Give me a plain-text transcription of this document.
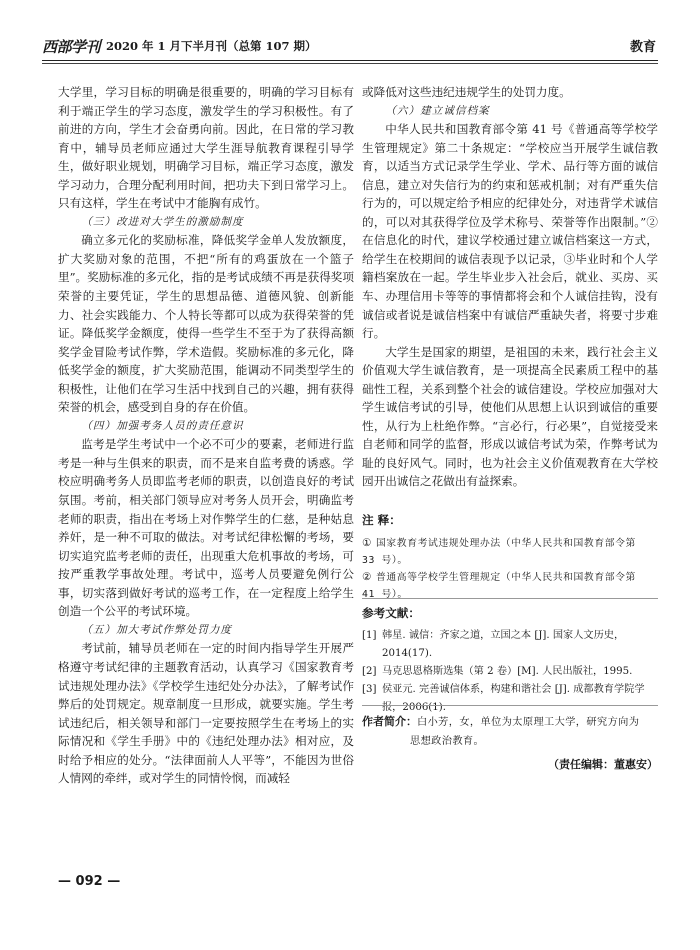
西部学刊 2020 年 1 月下半月刊（总第 107 期）	教育

大学里，学习目标的明确是很重要的，明确的学习目标有利于端正学生的学习态度，激发学生的学习积极性。有了前进的方向，学生才会奋勇向前。因此，在日常的学习教育中，辅导员老师应通过大学生涯导航教育课程引导学生，做好职业规划，明确学习目标，端正学习态度，激发学习动力，合理分配利用时间，把功夫下到日常学习上。只有这样，学生在考试中才能胸有成竹。

（三）改进对大学生的激励制度

确立多元化的奖励标准，降低奖学金单人发放额度，扩大奖励对象的范围，不把“所有的鸡蛋放在一个篮子里”。奖励标准的多元化，指的是考试成绩不再是获得奖项荣誉的主要凭证，学生的思想品德、道德风貌、创新能力、社会实践能力、个人特长等都可以成为获得荣誉的凭证。降低奖学金额度，使得一些学生不至于为了获得高额奖学金冒险考试作弊，学术造假。奖励标准的多元化，降低奖学金的额度，扩大奖励范围，能调动不同类型学生的积极性，让他们在学习生活中找到自己的兴趣，拥有获得荣誉的机会，感受到自身的存在价值。

（四）加强考务人员的责任意识

监考是学生考试中一个必不可少的要素，老师进行监考是一种与生俱来的职责，而不是来自监考费的诱惑。学校应明确考务人员即监考老师的职责，以创造良好的考试氛围。考前，相关部门领导应对考务人员开会，明确监考老师的职责，指出在考场上对作弊学生的仁慈，是种姑息养奸，是一种不可取的做法。对考试纪律松懈的考场，要切实追究监考老师的责任，出现重大危机事故的考场，可按严重教学事故处理。考试中，巡考人员要避免例行公事，切实落到做好考试的巡考工作，在一定程度上给学生创造一个公平的考试环境。

（五）加大考试作弊处罚力度

考试前，辅导员老师在一定的时间内指导学生开展严格遵守考试纪律的主题教育活动，认真学习《国家教育考试违规处理办法》《学校学生违纪处分办法》，了解考试作弊后的处罚规定。规章制度一旦形成，就要实施。学生考试违纪后，相关领导和部门一定要按照学生在考场上的实际情况和《学生手册》中的《违纪处理办法》相对应，及时给予相应的处分。“法律面前人人平等”，不能因为世俗人情网的牵绊，或对学生的同情怜悯，而减轻

或降低对这些违纪违规学生的处罚力度。

（六）建立诚信档案

中华人民共和国教育部令第 41 号《普通高等学校学生管理规定》第二十条规定：“学校应当开展学生诚信教育，以适当方式记录学生学业、学术、品行等方面的诚信信息，建立对失信行为的约束和惩戒机制；对有严重失信行为的，可以规定给予相应的纪律处分，对违背学术诚信的，可以对其获得学位及学术称号、荣誉等作出限制。”②在信息化的时代，建议学校通过建立诚信档案这一方式，给学生在校期间的诚信表现予以记录，③毕业时和个人学籍档案放在一起。学生毕业步入社会后，就业、买房、买车、办理信用卡等等的事情都将会和个人诚信挂钩，没有诚信或者说是诚信档案中有诚信严重缺失者，将要寸步难行。

大学生是国家的期望，是祖国的未来，践行社会主义价值观大学生诚信教育，是一项提高全民素质工程中的基础性工程，关系到整个社会的诚信建设。学校应加强对大学生诚信考试的引导，使他们从思想上认识到诚信的重要性，从行为上杜绝作弊。“言必行，行必果”，自觉接受来自老师和同学的监督，形成以诚信考试为荣，作弊考试为耻的良好风气。同时，也为社会主义价值观教育在大学校园开出诚信之花做出有益探索。

注 释：
① 国家教育考试违规处理办法（中华人民共和国教育部令第
33 号）。
② 普通高等学校学生管理规定（中华人民共和国教育部令第
41 号）。
参考文献：
[1] 韩星. 诚信：齐家之道，立国之本 [J]. 国家人文历史，2014(17).
[2] 马克思恩格斯选集（第 2 卷）[M]. 人民出版社，1995.
[3] 侯亚元. 完善诚信体系，构建和谐社会 [J]. 成都教育学院学报，2006(1).
作者简介：白小芳，女，单位为太原理工大学，研究方向为
思想政治教育。
（责任编辑：董惠安）
— 092 —
